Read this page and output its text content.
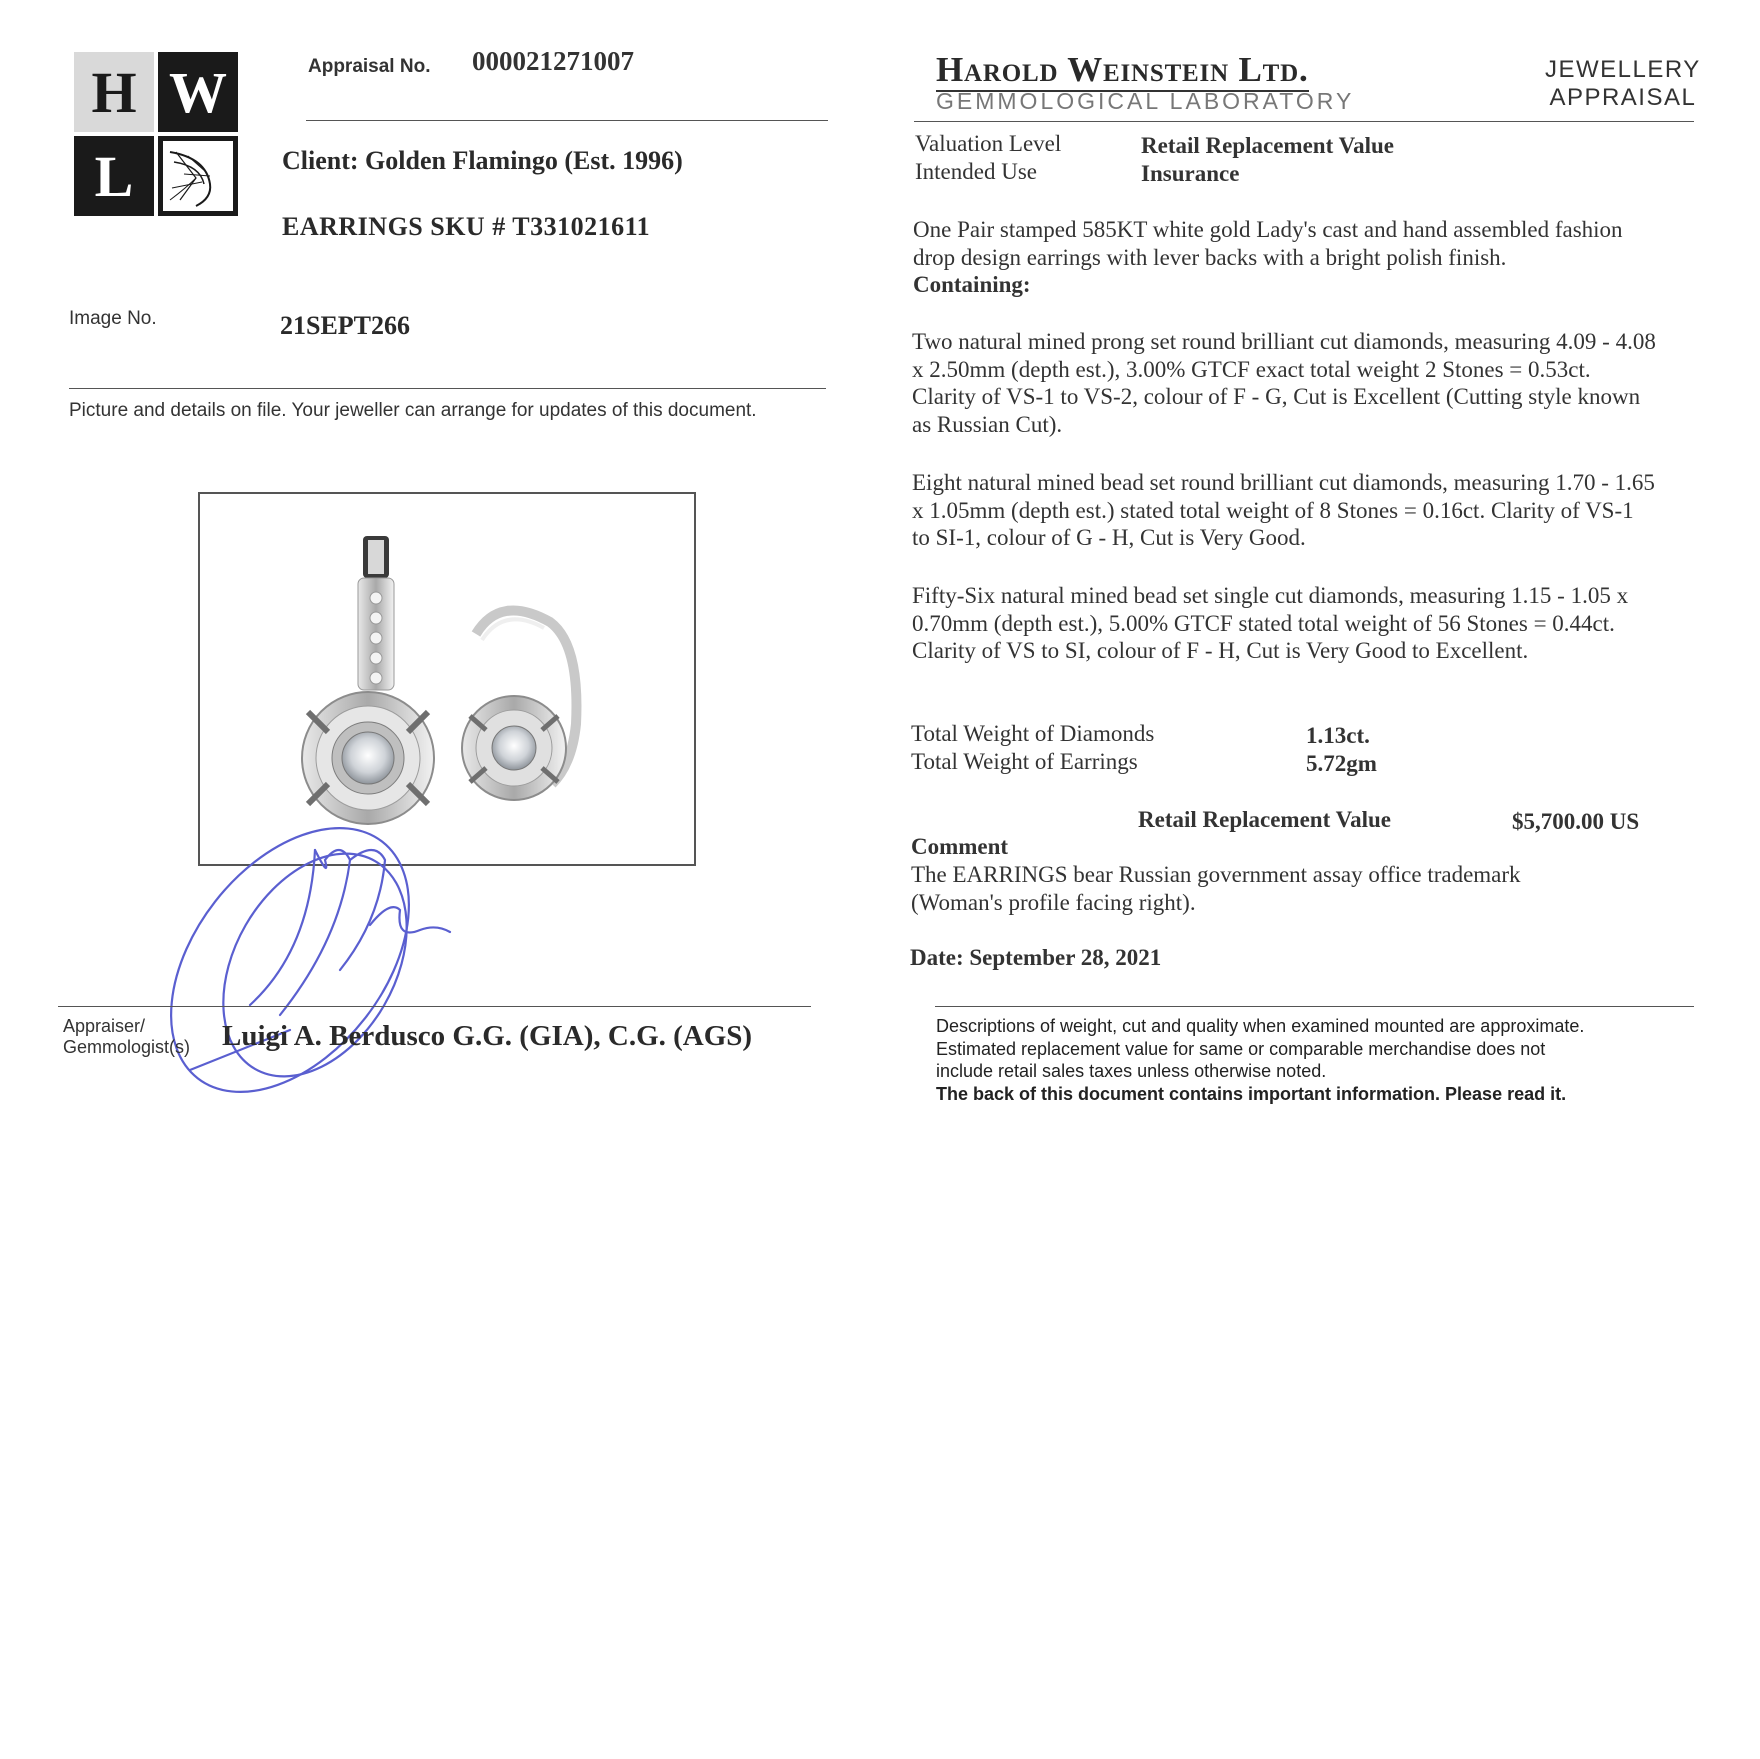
H W
L
Appraisal No. 000021271007
Client: Golden Flamingo (Est. 1996)
EARRINGS SKU # T331021611
Image No.	21SEPT266
Picture and details on file. Your jeweller can arrange for updates of this document.
Appraiser/
Gemmologist(s) Luigi A. Berdusco G.G. (GIA), C.G. (AGS)
Harold Weinstein Ltd.
GEMMOLOGICAL LABORATORY
JEWELLERY
APPRAISAL
Valuation Level	Retail Replacement Value
Intended Use	Insurance
One Pair stamped 585KT white gold Lady's cast and hand assembled fashion drop design earrings with lever backs with a bright polish finish.
Containing:
Two natural mined prong set round brilliant cut diamonds, measuring 4.09 - 4.08 x 2.50mm (depth est.), 3.00% GTCF exact total weight 2 Stones = 0.53ct. Clarity of VS-1 to VS-2, colour of F - G, Cut is Excellent (Cutting style known as Russian Cut).
Eight natural mined bead set round brilliant cut diamonds, measuring 1.70 - 1.65 x 1.05mm (depth est.) stated total weight of 8 Stones = 0.16ct. Clarity of VS-1 to SI-1, colour of G - H, Cut is Very Good.
Fifty-Six natural mined bead set single cut diamonds, measuring 1.15 - 1.05 x 0.70mm (depth est.), 5.00% GTCF stated total weight of 56 Stones = 0.44ct. Clarity of VS to SI, colour of F - H, Cut is Very Good to Excellent.
Total Weight of Diamonds	1.13ct.
Total Weight of Earrings	5.72gm
Retail Replacement Value	$5,700.00 US
Comment
The EARRINGS bear Russian government assay office trademark (Woman's profile facing right).
Date: September 28, 2021
Descriptions of weight, cut and quality when examined mounted are approximate.
Estimated replacement value for same or comparable merchandise does not
include retail sales taxes unless otherwise noted.
The back of this document contains important information. Please read it.
